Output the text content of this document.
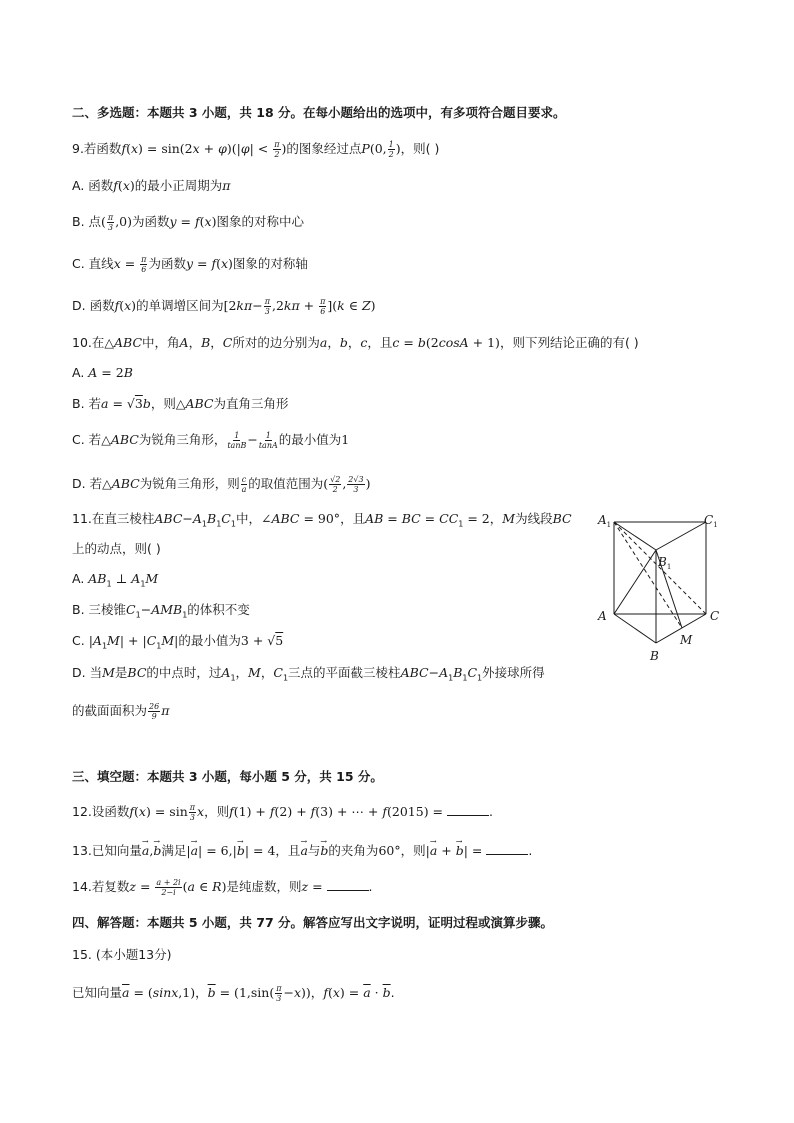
二、多选题：本题共 3 小题，共 18 分。在每小题给出的选项中，有多项符合题目要求。
9.若函数$f(x) = \sin(2x + \varphi)(|\varphi| < \frac{\pi}{2}$ )的图象经过点P(0, $\frac{1}{2}$ )，则( )
A. 函数f(x)的最小正周期为π
B. 点( $\frac{\pi}{3} ,0$)为函数y = f(x)图象的对称中心
C. 直线$x = \frac{\pi}{6}$ 为函数y = f(x)图象的对称轴
D. 函数f(x)的单调增区间为$[2k\pi- \frac{\pi}{3} ,2k\pi + \frac{\pi}{6} ](k$ ∈ Z)
10.在△ABC中，角A，B，C所对的边分别为a，b，c，且c = b(2cosA + 1)，则下列结论正确的有( )
A. A = 2B
B. 若a = √3b，则△ABC为直角三角形
C. 若△ABC为锐角三角形， $\frac{1}{\tan B} - \frac{1}{\tan A}$ 的最小值为1
D. 若△ABC为锐角三角形，则 $\frac{c}{a}$ 的取值范围为( $\frac{√2}{2}$ , $\frac{2√3}{3}$ )
11.在直三棱柱$ABC-A_1B_1C_1$中，∠ABC = 90°，且AB = BC = $CC_1 = 2$，M为线段BC
上的动点，则( )
A. $AB_1$ ⊥ $A_1M$
B. 三棱锥$C_1-AMB_1$的体积不变
C. $|A_1M| + |C_1M|$的最小值为3 + √5
D. 当M是BC的中点时，过$A_1$，M，$C_1$三点的平面截三棱柱$ABC-A_1B_1C_1$外接球所得
的截面面积为 $\frac{26}{9}$ π
$A_1$	$C_1$
$B_1$
A	C
M
B
三、填空题：本题共 3 小题，每小题 5 分，共 15 分。
12.设函数$f(x) = \sin \frac{\pi}{3}$ x，则f(1) + f(2) + f(3) + ⋯ + f(2015) =	.
13.已知向量→ a,→ b满足|→ a| = 6,|→ b| = 4，且→ a与→ b的夹角为60°，则|→ a + → b| =	.
14.若复数$z = \frac{a + 2i}{2-i} (a$ ∈ R)是纯虚数，则z =	.
四、解答题：本题共 5 小题，共 77 分。解答应写出文字说明，证明过程或演算步骤。
15. (本小题13分)
已知向量$\overline{a} = (\sin x,1)$，$\overline{b} = (1,\sin( \frac{\pi}{3} -x))$，$f(x) = \overline{a} \cdot \overline{b}$.
